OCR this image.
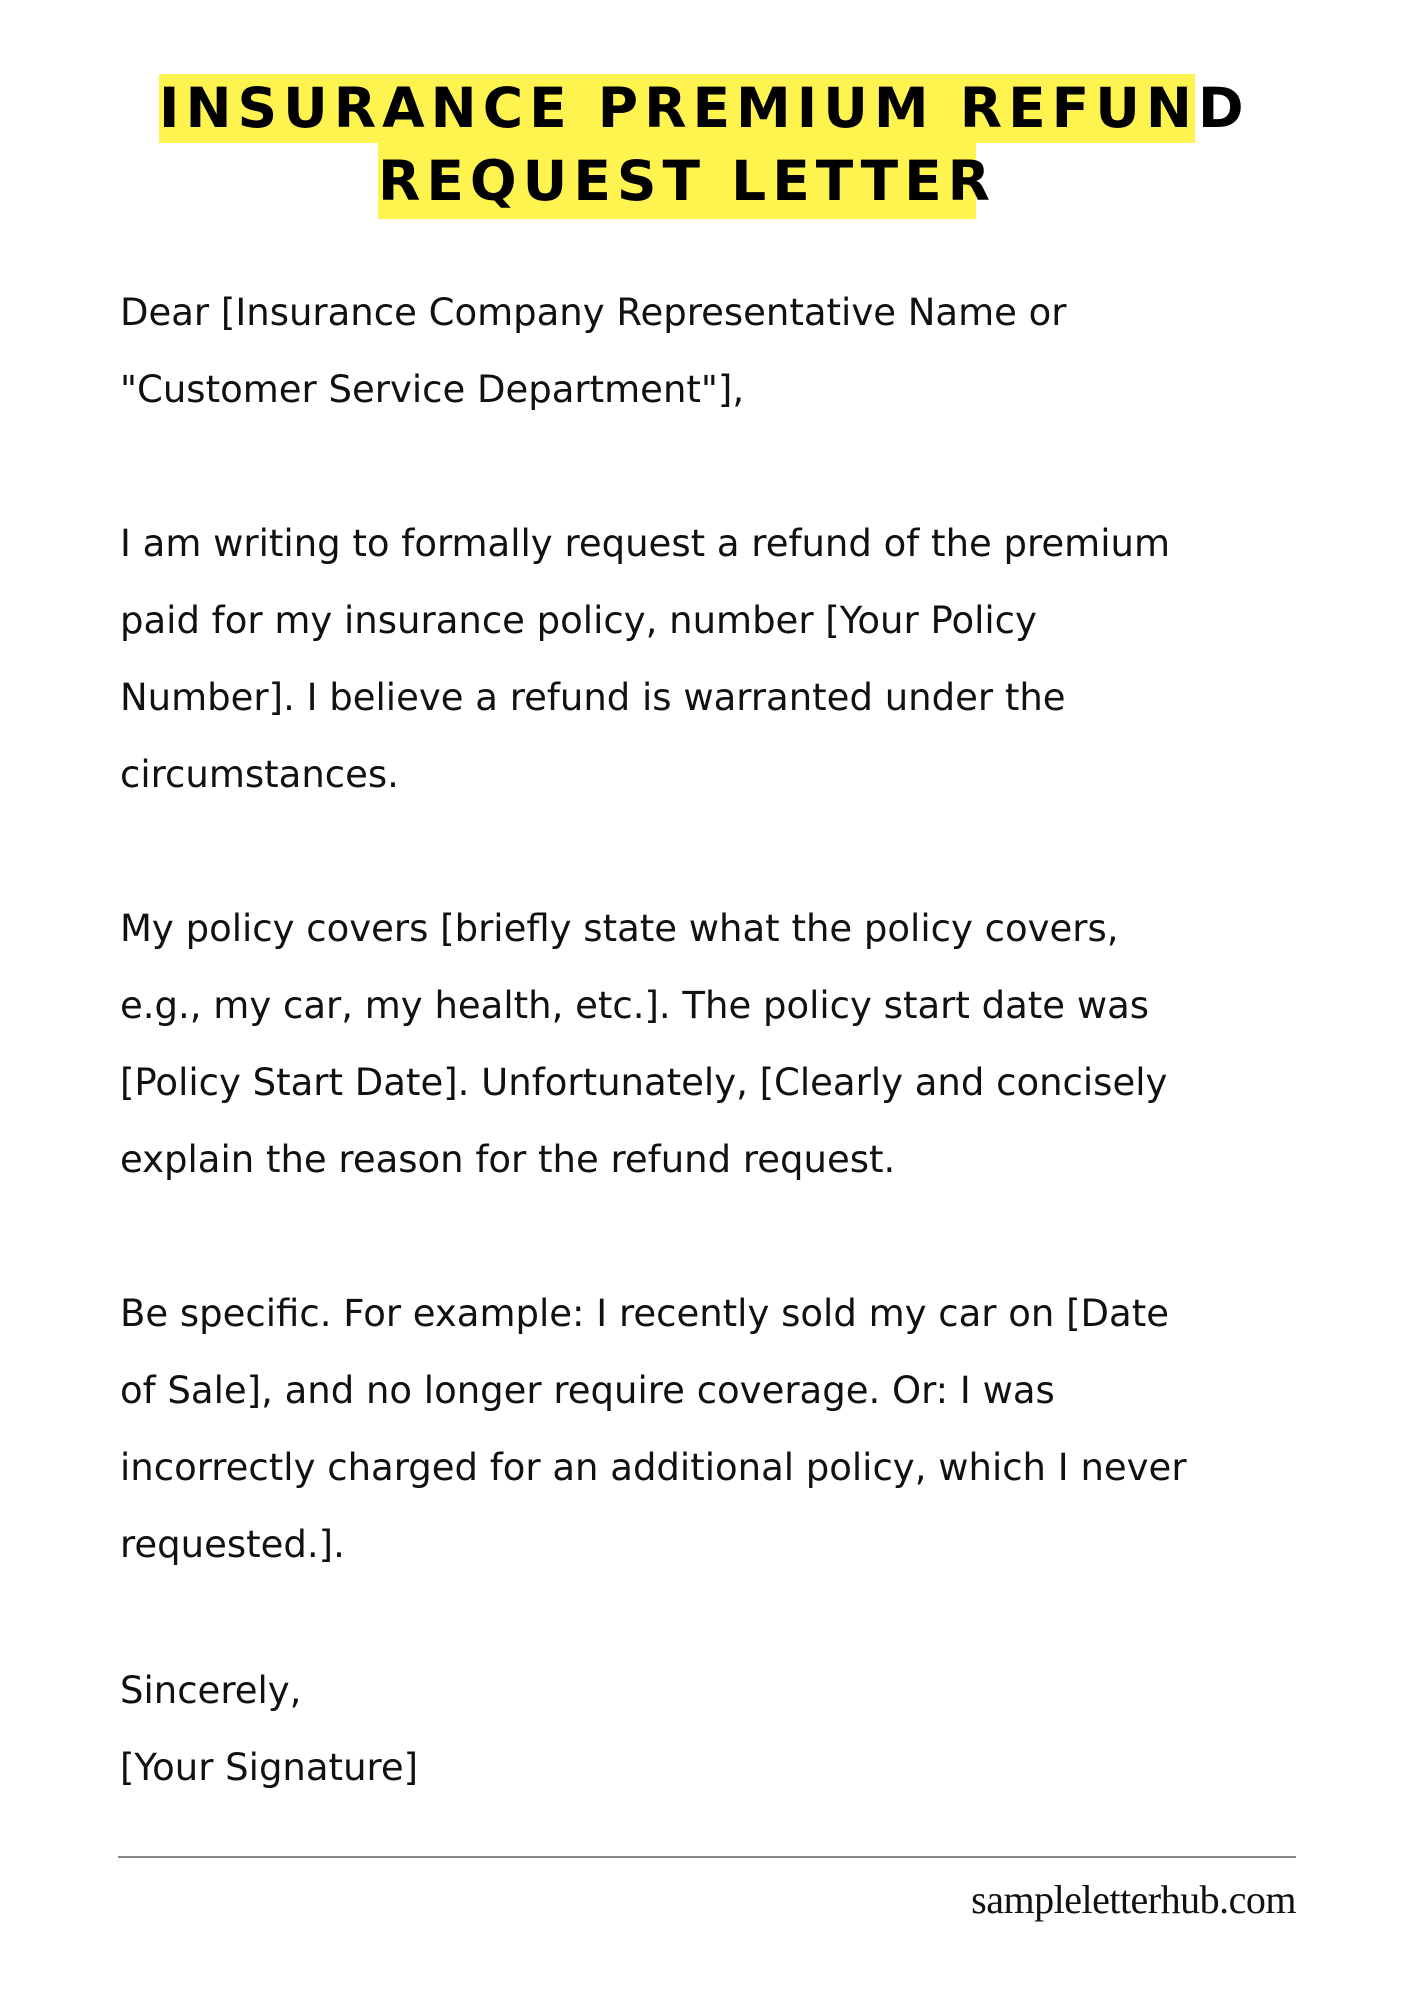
INSURANCE PREMIUM REFUND
REQUEST LETTER
Dear [Insurance Company Representative Name or
"Customer Service Department"],
I am writing to formally request a refund of the premium
paid for my insurance policy, number [Your Policy
Number]. I believe a refund is warranted under the
circumstances.
My policy covers [briefly state what the policy covers,
e.g., my car, my health, etc.]. The policy start date was
[Policy Start Date]. Unfortunately, [Clearly and concisely
explain the reason for the refund request.
Be specific. For example: I recently sold my car on [Date
of Sale], and no longer require coverage. Or: I was
incorrectly charged for an additional policy, which I never
requested.].
Sincerely,
[Your Signature]
sampleletterhub.com
